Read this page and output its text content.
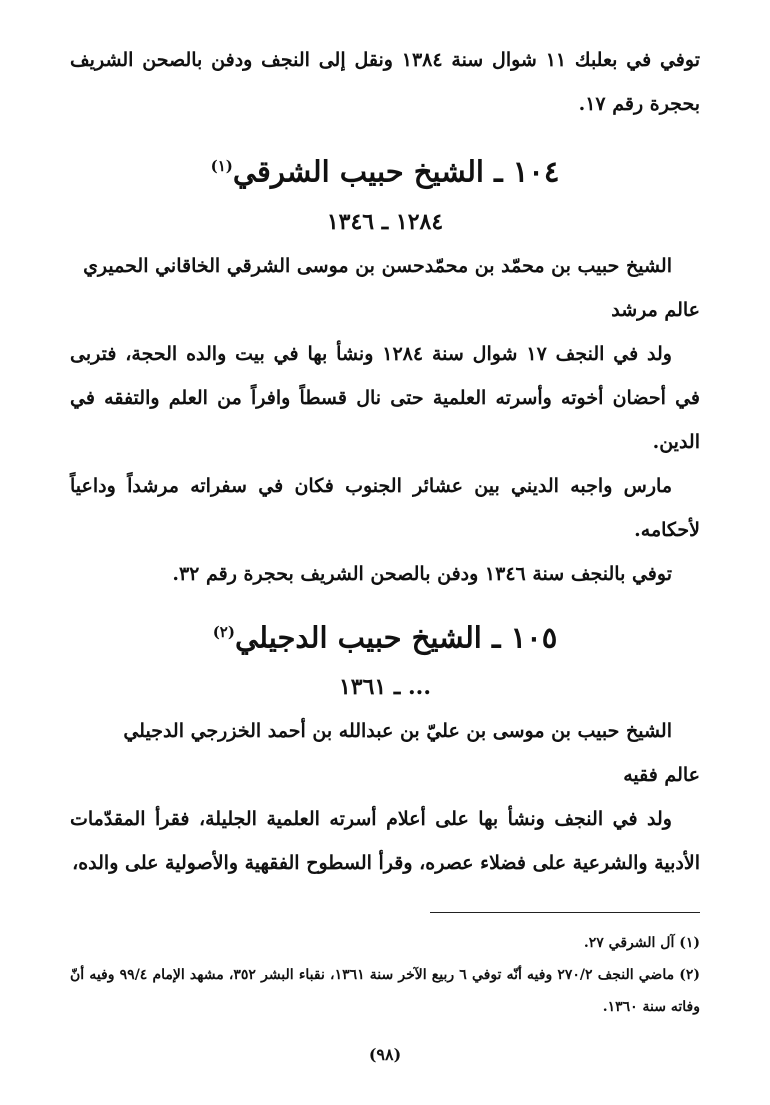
توفي في بعلبك ١١ شوال سنة ١٣٨٤ ونقل إلى النجف ودفن بالصحن الشريف بحجرة رقم ١٧.

١٠٤ ـ الشيخ حبيب الشرقي$^{(١)}$

١٢٨٤ ـ ١٣٤٦

الشيخ حبيب بن محمّد بن محمّدحسن بن موسى الشرقي الخاقاني الحميري

عالم مرشد

ولد في النجف ١٧ شوال سنة ١٢٨٤ ونشأ بها في بيت والده الحجة، فتربى في أحضان أخوته وأسرته العلمية حتى نال قسطاً وافراً من العلم والتفقه في الدين.

مارس واجبه الديني بين عشائر الجنوب فكان في سفراته مرشداً وداعياً لأحكامه.

توفي بالنجف سنة ١٣٤٦ ودفن بالصحن الشريف بحجرة رقم ٣٢.

١٠٥ ـ الشيخ حبيب الدجيلي$^{(٢)}$

... ـ ١٣٦١

الشيخ حبيب بن موسى بن عليّ بن عبدالله بن أحمد الخزرجي الدجيلي

عالم فقيه

ولد في النجف ونشأ بها على أعلام أسرته العلمية الجليلة، فقرأ المقدّمات الأدبية والشرعية على فضلاء عصره، وقرأ السطوح الفقهية والأصولية على والده،

(١) آل الشرقي ٢٧.

(٢) ماضي النجف ٢٧٠/٢ وفيه أنّه توفي ٦ ربيع الآخر سنة ١٣٦١، نقباء البشر ٣٥٢، مشهد الإمام ٩٩/٤ وفيه أنّ وفاته سنة ١٣٦٠.

(٩٨)
